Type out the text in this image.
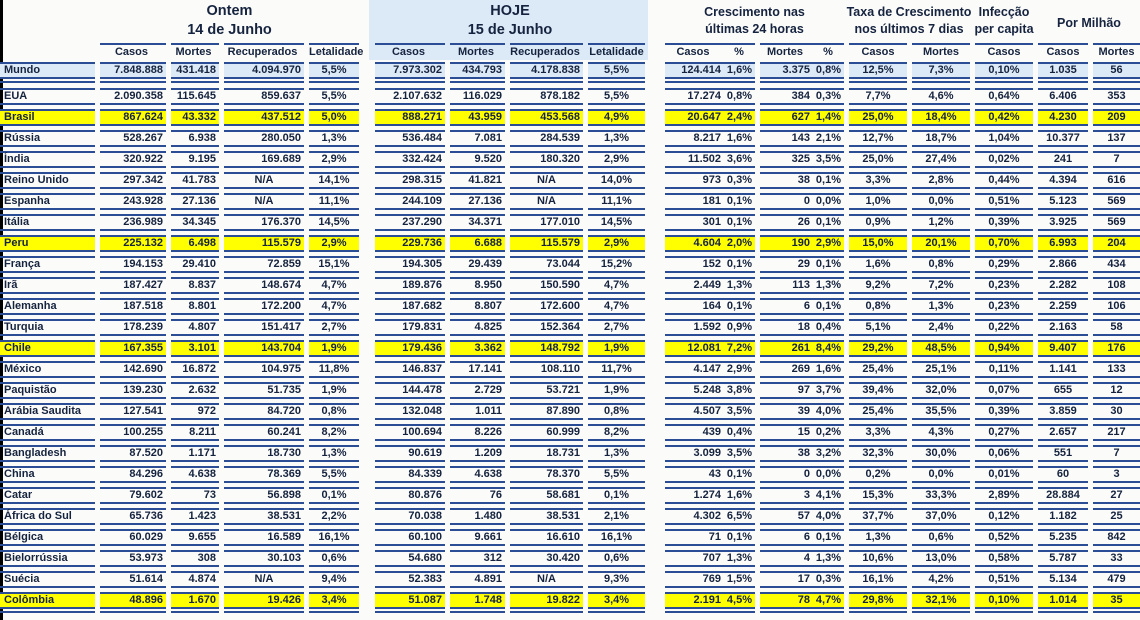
Ontem
14 de Junho
HOJE
15 de Junho
Crescimento nas
últimas 24 horas
Taxa de Crescimento
nos últimos 7 dias
Infecção
per capita	Por Milhão
Casos	Mortes	Recuperados	Letalidade	Casos	Mortes	Recuperados Letalidade	Casos	%	Mortes	%	Casos	Mortes	Casos	Casos	Mortes
Mundo	7.848.888	431.418	4.094.970	5,5%	7.973.302	434.793	4.178.838	5,5%	124.414 1,6%	3.375 0,8%	12,5%	7,3%	0,10%	1.035	56
EUA	2.090.358	115.645	859.637	5,5%	2.107.632	116.029	878.182	5,5%	17.274 0,8%	384 0,3%	7,7%	4,6%	0,64%	6.406	353
Brasil	867.624	43.332	437.512	5,0%	888.271	43.959	453.568	4,9%	20.647 2,4%	627 1,4%	25,0%	18,4%	0,42%	4.230	209
Rússia	528.267	6.938	280.050	1,3%	536.484	7.081	284.539	1,3%	8.217 1,6%	143 2,1%	12,7%	18,7%	1,04%	10.377	137
Índia	320.922	9.195	169.689	2,9%	332.424	9.520	180.320	2,9%	11.502 3,6%	325 3,5%	25,0%	27,4%	0,02%	241	7
Reino Unido	297.342	41.783	N/A	14,1%	298.315	41.821	N/A	14,0%	973 0,3%	38 0,1%	3,3%	2,8%	0,44%	4.394	616
Espanha	243.928	27.136	N/A	11,1%	244.109	27.136	N/A	11,1%	181 0,1%	0 0,0%	1,0%	0,0%	0,51%	5.123	569
Itália	236.989	34.345	176.370	14,5%	237.290	34.371	177.010	14,5%	301 0,1%	26 0,1%	0,9%	1,2%	0,39%	3.925	569
Peru	225.132	6.498	115.579	2,9%	229.736	6.688	115.579	2,9%	4.604 2,0%	190 2,9%	15,0%	20,1%	0,70%	6.993	204
França	194.153	29.410	72.859	15,1%	194.305	29.439	73.044	15,2%	152 0,1%	29 0,1%	1,6%	0,8%	0,29%	2.866	434
Irã	187.427	8.837	148.674	4,7%	189.876	8.950	150.590	4,7%	2.449 1,3%	113 1,3%	9,2%	7,2%	0,23%	2.282	108
Alemanha	187.518	8.801	172.200	4,7%	187.682	8.807	172.600	4,7%	164 0,1%	6 0,1%	0,8%	1,3%	0,23%	2.259	106
Turquia	178.239	4.807	151.417	2,7%	179.831	4.825	152.364	2,7%	1.592 0,9%	18 0,4%	5,1%	2,4%	0,22%	2.163	58
Chile	167.355	3.101	143.704	1,9%	179.436	3.362	148.792	1,9%	12.081 7,2%	261 8,4%	29,2%	48,5%	0,94%	9.407	176
México	142.690	16.872	104.975	11,8%	146.837	17.141	108.110	11,7%	4.147 2,9%	269 1,6%	25,4%	25,1%	0,11%	1.141	133
Paquistão	139.230	2.632	51.735	1,9%	144.478	2.729	53.721	1,9%	5.248 3,8%	97 3,7%	39,4%	32,0%	0,07%	655	12
Arábia Saudita	127.541	972	84.720	0,8%	132.048	1.011	87.890	0,8%	4.507 3,5%	39 4,0%	25,4%	35,5%	0,39%	3.859	30
Canadá	100.255	8.211	60.241	8,2%	100.694	8.226	60.999	8,2%	439 0,4%	15 0,2%	3,3%	4,3%	0,27%	2.657	217
Bangladesh	87.520	1.171	18.730	1,3%	90.619	1.209	18.731	1,3%	3.099 3,5%	38 3,2%	32,3%	30,0%	0,06%	551	7
China	84.296	4.638	78.369	5,5%	84.339	4.638	78.370	5,5%	43 0,1%	0 0,0%	0,2%	0,0%	0,01%	60	3
Catar	79.602	73	56.898	0,1%	80.876	76	58.681	0,1%	1.274 1,6%	3 4,1%	15,3%	33,3%	2,89%	28.884	27
África do Sul	65.736	1.423	38.531	2,2%	70.038	1.480	38.531	2,1%	4.302 6,5%	57 4,0%	37,7%	37,0%	0,12%	1.182	25
Bélgica	60.029	9.655	16.589	16,1%	60.100	9.661	16.610	16,1%	71 0,1%	6 0,1%	1,3%	0,6%	0,52%	5.235	842
Bielorrússia	53.973	308	30.103	0,6%	54.680	312	30.420	0,6%	707 1,3%	4 1,3%	10,6%	13,0%	0,58%	5.787	33
Suécia	51.614	4.874	N/A	9,4%	52.383	4.891	N/A	9,3%	769 1,5%	17 0,3%	16,1%	4,2%	0,51%	5.134	479
Colômbia	48.896	1.670	19.426	3,4%	51.087	1.748	19.822	3,4%	2.191 4,5%	78 4,7%	29,8%	32,1%	0,10%	1.014	35
